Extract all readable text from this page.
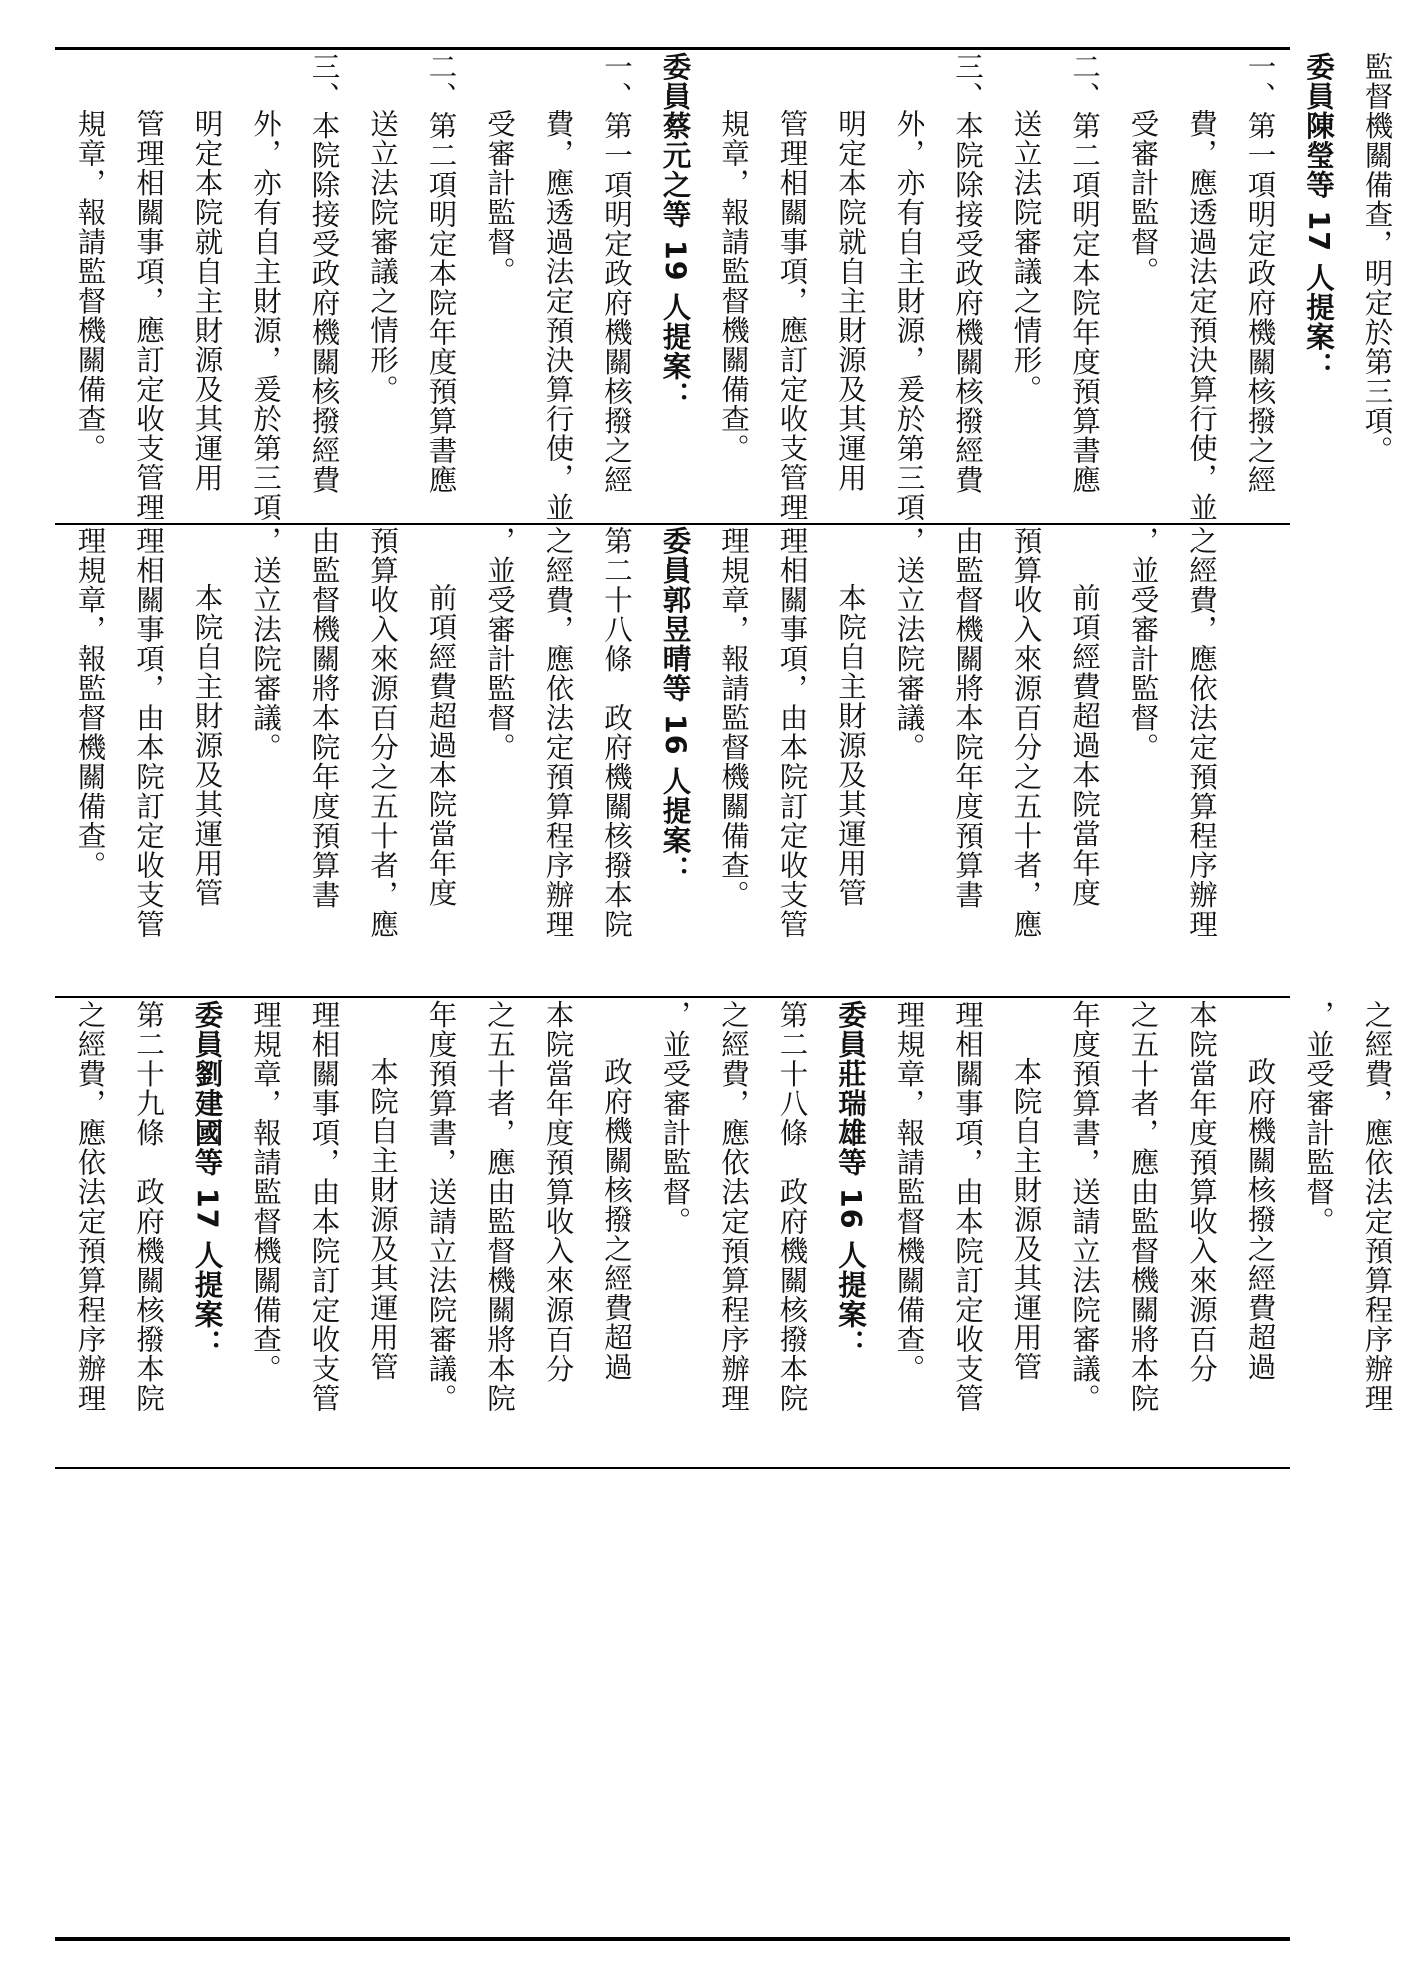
監督機關備查，明定於第三項。

委員陳瑩等 17 人提案：

一、第一項明定政府機關核撥之經

費，應透過法定預決算行使，並

受審計監督。

二、第二項明定本院年度預算書應

送立法院審議之情形。

三、本院除接受政府機關核撥經費

外，亦有自主財源，爰於第三項

明定本院就自主財源及其運用

管理相關事項，應訂定收支管理

規章，報請監督機關備查。

委員蔡元之等 19 人提案：

一、第一項明定政府機關核撥之經

費，應透過法定預決算行使，並

受審計監督。

二、第二項明定本院年度預算書應

送立法院審議之情形。

三、本院除接受政府機關核撥經費

外，亦有自主財源，爰於第三項

明定本院就自主財源及其運用

管理相關事項，應訂定收支管理

規章，報請監督機關備查。

之經費，應依法定預算程序辦理

，並受審計監督。

前項經費超過本院當年度

預算收入來源百分之五十者，應

由監督機關將本院年度預算書

，送立法院審議。

本院自主財源及其運用管

理相關事項，由本院訂定收支管

理規章，報請監督機關備查。

委員郭昱晴等 16 人提案：

第二十八條　政府機關核撥本院

之經費，應依法定預算程序辦理

，並受審計監督。

前項經費超過本院當年度

預算收入來源百分之五十者，應

由監督機關將本院年度預算書

，送立法院審議。

本院自主財源及其運用管

理相關事項，由本院訂定收支管

理規章，報監督機關備查。

之經費，應依法定預算程序辦理

，並受審計監督。

政府機關核撥之經費超過

本院當年度預算收入來源百分

之五十者，應由監督機關將本院

年度預算書，送請立法院審議。

本院自主財源及其運用管

理相關事項，由本院訂定收支管

理規章，報請監督機關備查。

委員莊瑞雄等 16 人提案：

第二十八條　政府機關核撥本院

之經費，應依法定預算程序辦理

，並受審計監督。

政府機關核撥之經費超過

本院當年度預算收入來源百分

之五十者，應由監督機關將本院

年度預算書，送請立法院審議。

本院自主財源及其運用管

理相關事項，由本院訂定收支管

理規章，報請監督機關備查。

委員劉建國等 17 人提案：

第二十九條　政府機關核撥本院

之經費，應依法定預算程序辦理
